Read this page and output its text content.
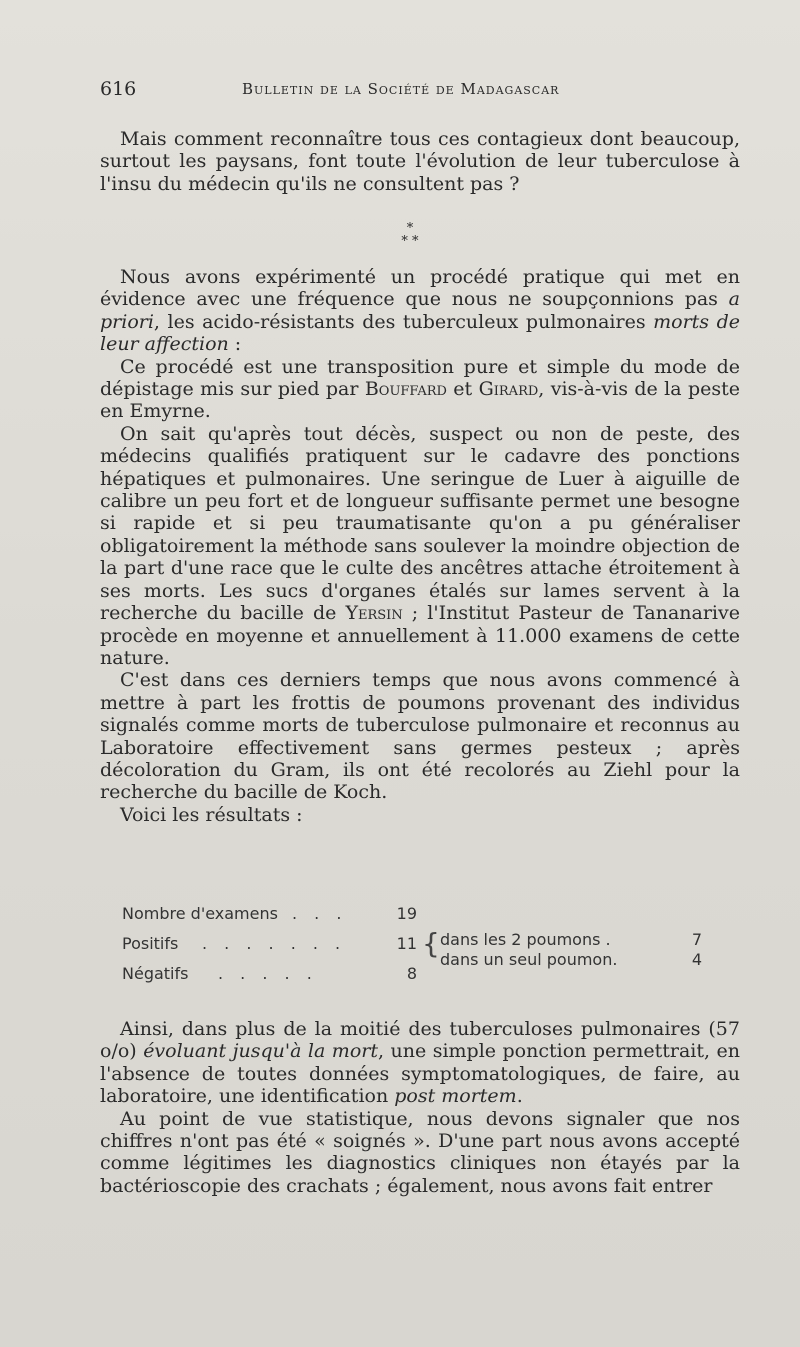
616	Bulletin de la Société de Madagascar

Mais comment reconnaître tous ces contagieux dont beaucoup, surtout les paysans, font toute l'évolution de leur tuberculose à l'insu du médecin qu'ils ne consultent pas ?

*
* *

Nous avons expérimenté un procédé pratique qui met en évidence avec une fréquence que nous ne soupçonnions pas a priori, les acido-résistants des tuberculeux pulmonaires morts de leur affection :

Ce procédé est une transposition pure et simple du mode de dépistage mis sur pied par Bouffard et Girard, vis-à-vis de la peste en Emyrne.

On sait qu'après tout décès, suspect ou non de peste, des médecins qualifiés pratiquent sur le cadavre des ponctions hépatiques et pulmonaires. Une seringue de Luer à aiguille de calibre un peu fort et de longueur suffisante permet une besogne si rapide et si peu traumatisante qu'on a pu généraliser obligatoirement la méthode sans soulever la moindre objection de la part d'une race que le culte des ancêtres attache étroitement à ses morts. Les sucs d'organes étalés sur lames servent à la recherche du bacille de Yersin ; l'Institut Pasteur de Tananarive procède en moyenne et annuellement à 11.000 examens de cette nature.

C'est dans ces derniers temps que nous avons commencé à mettre à part les frottis de poumons provenant des individus signalés comme morts de tuberculose pulmonaire et reconnus au Laboratoire effectivement sans germes pesteux ; après décoloration du Gram, ils ont été recolorés au Ziehl pour la recherche du bacille de Koch.

Voici les résultats :

Nombre d'examens . . .	19
Positifs . . . . . . .	11 { dans les 2 poumons .	7
dans un seul poumon.	4
Négatifs . . . . .	8

Ainsi, dans plus de la moitié des tuberculoses pulmonaires (57 o/o) évoluant jusqu'à la mort, une simple ponction permettrait, en l'absence de toutes données symptomatologiques, de faire, au laboratoire, une identification post mortem.

Au point de vue statistique, nous devons signaler que nos chiffres n'ont pas été « soignés ». D'une part nous avons accepté comme légitimes les diagnostics cliniques non étayés par la bactérioscopie des crachats ; également, nous avons fait entrer
